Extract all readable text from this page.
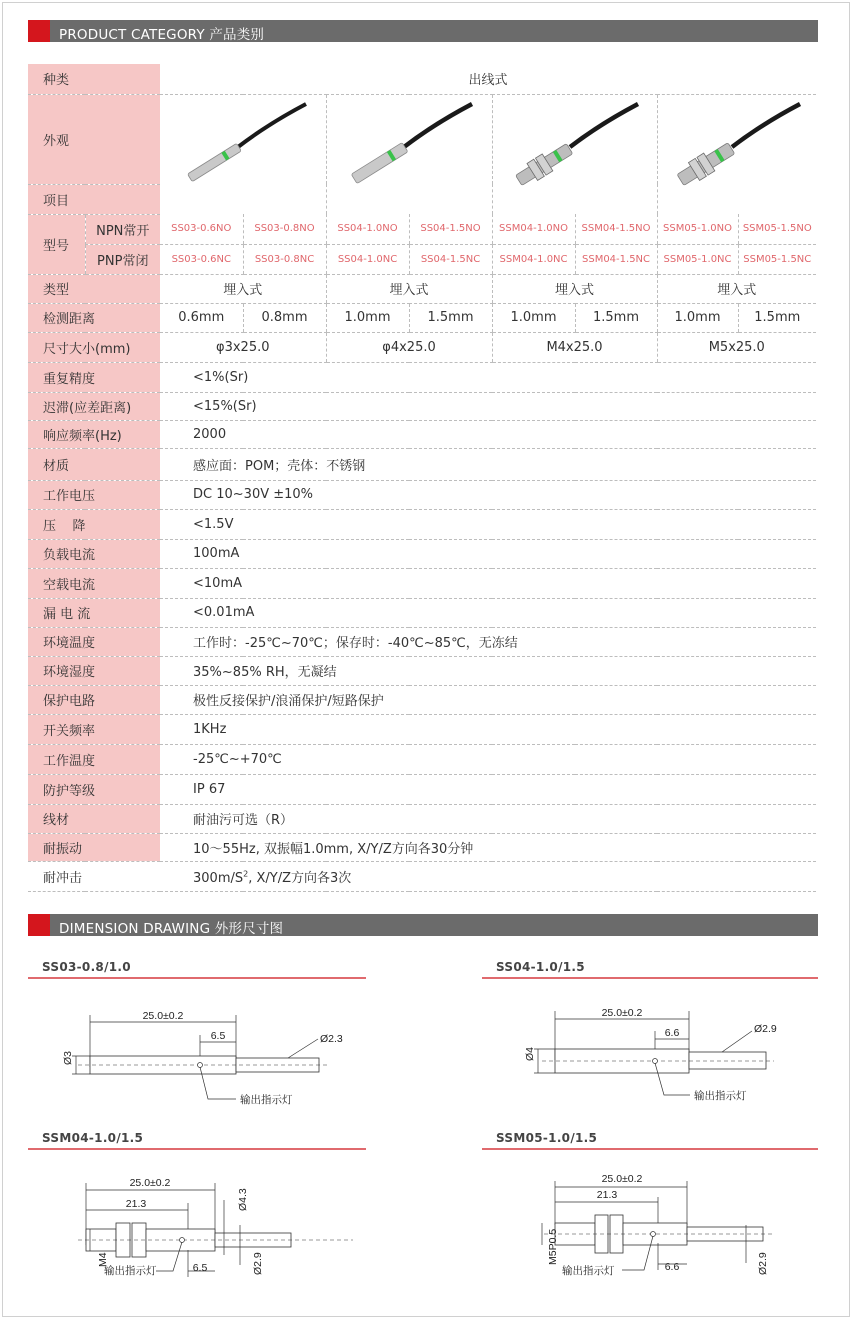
PRODUCT CATEGORY 产品类别
种类		出线式							
外观	

项目									
型号	NPN常开	SS03-0.6NO	SS03-0.8NO	SS04-1.0NO	SS04-1.5NO	SSM04-1.0NO	SSM04-1.5NO	SSM05-1.0NO	SSM05-1.5NO
	PNP常闭	SS03-0.6NC	SS03-0.8NC	SS04-1.0NC	SS04-1.5NC	SSM04-1.0NC	SSM04-1.5NC	SSM05-1.0NC	SSM05-1.5NC
类型		埋入式		埋入式		埋入式		埋入式	
检测距离		0.6mm	0.8mm	1.0mm	1.5mm	1.0mm	1.5mm	1.0mm	1.5mm
尺寸大小(mm)		φ3x25.0		φ4x25.0		M4x25.0		M5x25.0	
重复精度		<1%(Sr)							
迟滞(应差距离)		<15%(Sr)							
响应频率(Hz)		2000							
材质		感应面：POM；壳体：不锈钢							
工作电压		DC 10~30V ±10%							
压    降		<1.5V							
负载电流		100mA							
空载电流		<10mA							
漏 电 流		<0.01mA							
环境温度		工作时：-25℃~70℃；保存时：-40℃~85℃，无冻结							
环境湿度		35%~85% RH，无凝结							
保护电路		极性反接保护/浪涌保护/短路保护							
开关频率		1KHz							
工作温度		-25℃~+70℃							
防护等级		IP 67							
线材		耐油污可选（R）							
耐振动		10～55Hz, 双振幅1.0mm, X/Y/Z方向各30分钟							
耐冲击		$300m/S^2$, X/Y/Z方向各3次							
DIMENSION DRAWING 外形尺寸图
SS03-0.8/1.0
25.0±0.2
6.5	Ø2.3
Ø3
输出指示灯
SS04-1.0/1.5
25.0±0.2
6.6	Ø2.9
Ø4
输出指示灯
SSM04-1.0/1.5
25.0±0.2
21.3	Ø4.3
Ø2.9
6.5
M4
输出指示灯
SSM05-1.0/1.5
25.0±0.2
21.3
Ø2.9
6.6
M5P0.5
输出指示灯
